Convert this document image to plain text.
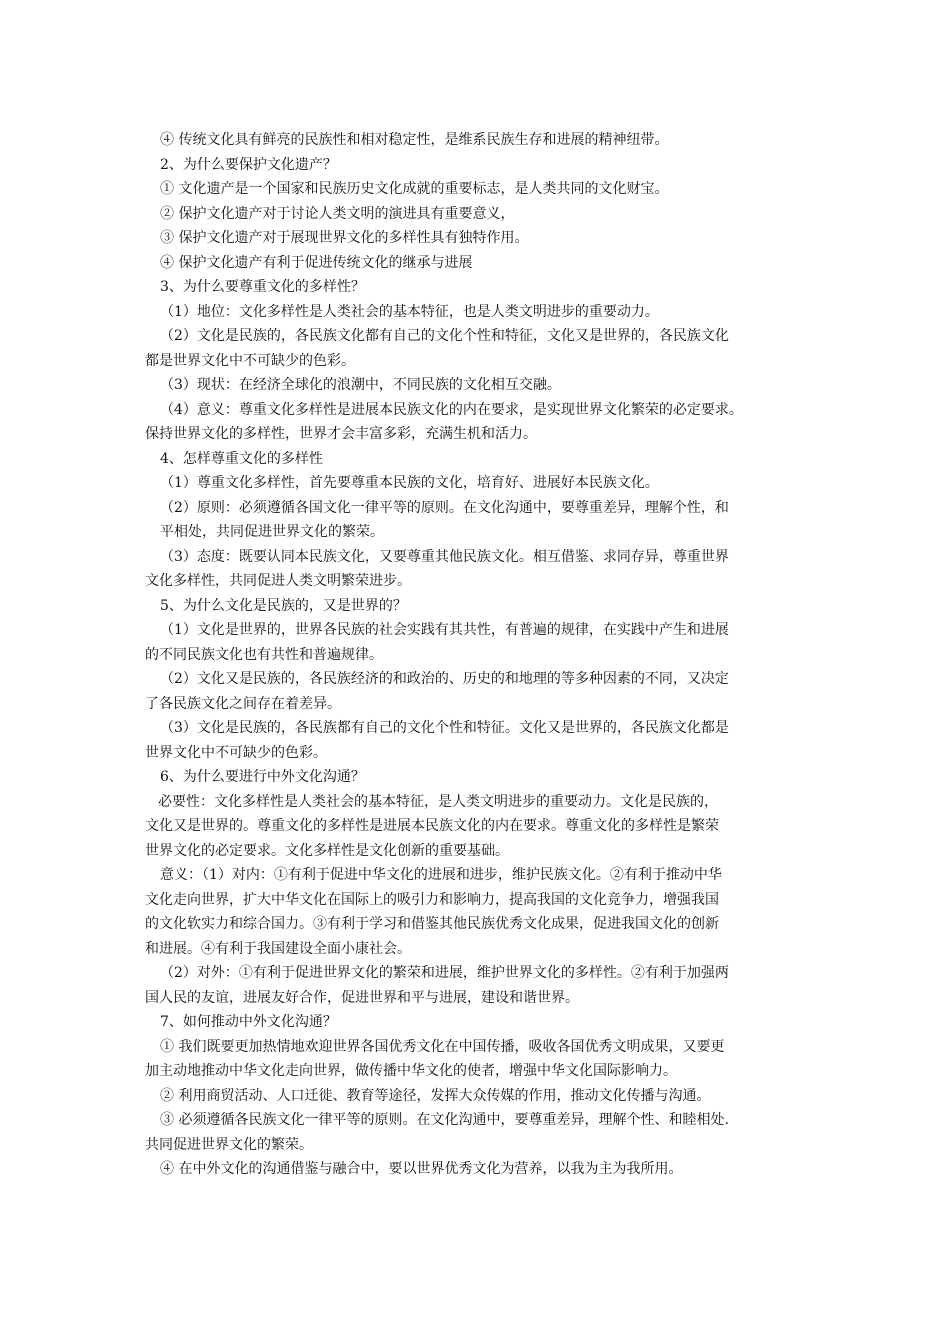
④ 传统文化具有鲜亮的民族性和相对稳定性，是维系民族生存和进展的精神纽带。

2、为什么要保护文化遗产？

① 文化遗产是一个国家和民族历史文化成就的重要标志，是人类共同的文化财宝。

② 保护文化遗产对于讨论人类文明的演进具有重要意义，

③ 保护文化遗产对于展现世界文化的多样性具有独特作用。

④ 保护文化遗产有利于促进传统文化的继承与进展

3、为什么要尊重文化的多样性？

（1）地位：文化多样性是人类社会的基本特征，也是人类文明进步的重要动力。

（2）文化是民族的，各民族文化都有自己的文化个性和特征，文化又是世界的，各民族文化

都是世界文化中不可缺少的色彩。

（3）现状：在经济全球化的浪潮中，不同民族的文化相互交融。

（4）意义：尊重文化多样性是进展本民族文化的内在要求，是实现世界文化繁荣的必定要求。

保持世界文化的多样性，世界才会丰富多彩，充满生机和活力。

4、怎样尊重文化的多样性

（1）尊重文化多样性，首先要尊重本民族的文化，培育好、进展好本民族文化。

（2）原则：必须遵循各国文化一律平等的原则。在文化沟通中，要尊重差异，理解个性，和

平相处，共同促进世界文化的繁荣。

（3）态度：既要认同本民族文化，又要尊重其他民族文化。相互借鉴、求同存异，尊重世界

文化多样性，共同促进人类文明繁荣进步。

5、为什么文化是民族的，又是世界的？

（1）文化是世界的，世界各民族的社会实践有其共性，有普遍的规律，在实践中产生和进展

的不同民族文化也有共性和普遍规律。

（2）文化又是民族的，各民族经济的和政治的、历史的和地理的等多种因素的不同，又决定

了各民族文化之间存在着差异。

（3）文化是民族的，各民族都有自己的文化个性和特征。文化又是世界的，各民族文化都是

世界文化中不可缺少的色彩。

6、为什么要进行中外文化沟通？

必要性：文化多样性是人类社会的基本特征，是人类文明进步的重要动力。文化是民族的，

文化又是世界的。尊重文化的多样性是进展本民族文化的内在要求。尊重文化的多样性是繁荣

世界文化的必定要求。文化多样性是文化创新的重要基础。

意义：（1）对内：①有利于促进中华文化的进展和进步，维护民族文化。②有利于推动中华

文化走向世界，扩大中华文化在国际上的吸引力和影响力，提高我国的文化竞争力，增强我国

的文化软实力和综合国力。③有利于学习和借鉴其他民族优秀文化成果，促进我国文化的创新

和进展。④有利于我国建设全面小康社会。

（2）对外：①有利于促进世界文化的繁荣和进展，维护世界文化的多样性。②有利于加强两

国人民的友谊，进展友好合作，促进世界和平与进展，建设和谐世界。

7、如何推动中外文化沟通？

① 我们既要更加热情地欢迎世界各国优秀文化在中国传播，吸收各国优秀文明成果，又要更

加主动地推动中华文化走向世界，做传播中华文化的使者，增强中华文化国际影响力。

② 利用商贸活动、人口迁徙、教育等途径，发挥大众传媒的作用，推动文化传播与沟通。

③ 必须遵循各民族文化一律平等的原则。在文化沟通中，要尊重差异，理解个性、和睦相处.

共同促进世界文化的繁荣。

④ 在中外文化的沟通借鉴与融合中，要以世界优秀文化为营养，以我为主为我所用。
